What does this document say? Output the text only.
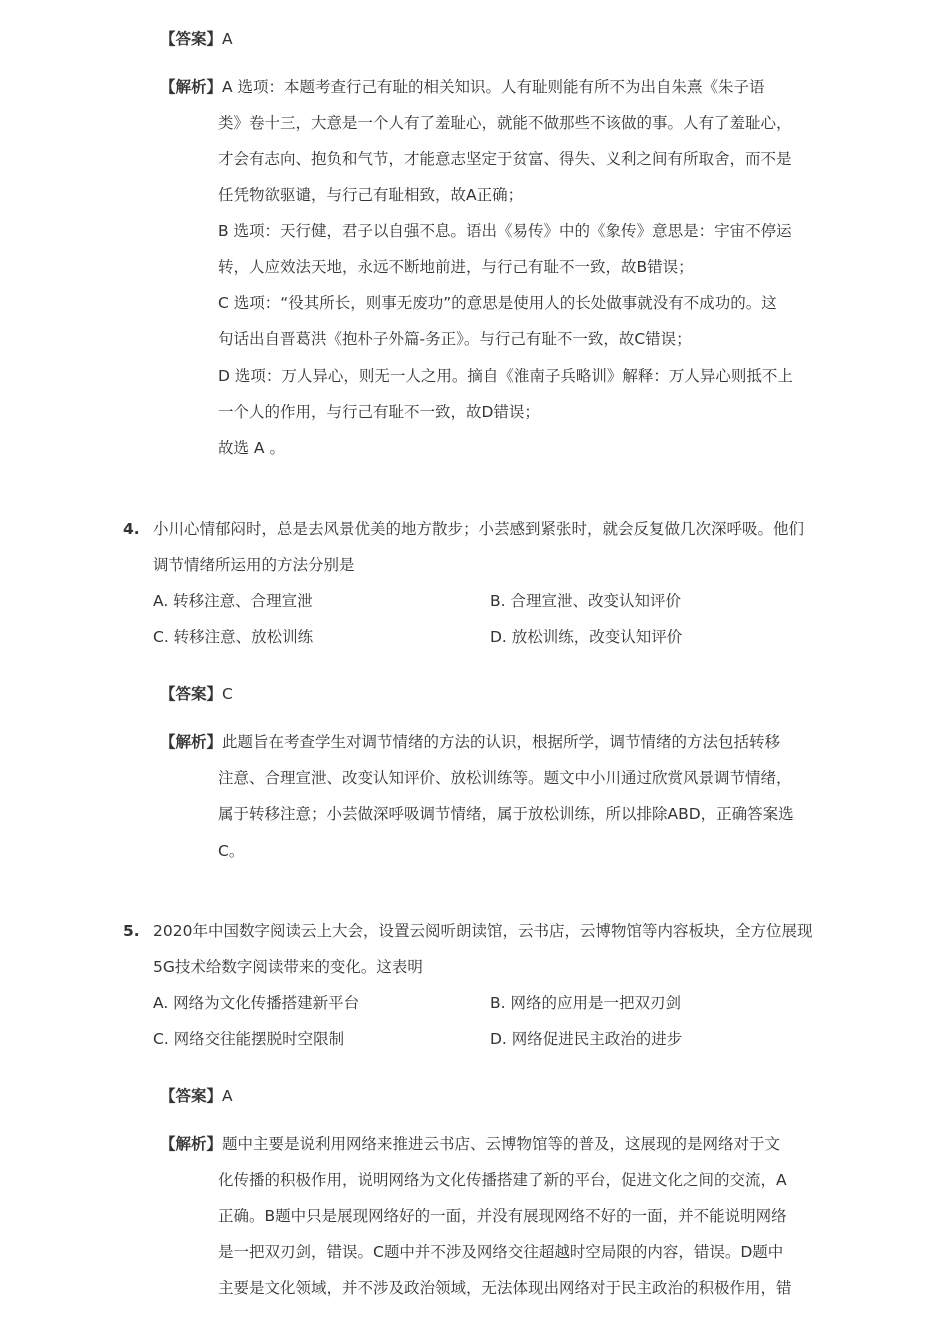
【答案】A
【解析】A 选项：本题考查行己有耻的相关知识。人有耻则能有所不为出自朱熹《朱子语
类》卷十三，大意是一个人有了羞耻心，就能不做那些不该做的事。人有了羞耻心，
才会有志向、抱负和气节，才能意志坚定于贫富、得失、义利之间有所取舍，而不是
任凭物欲驱谴，与行己有耻相致，故A正确；
B 选项：天行健，君子以自强不息。语出《易传》中的《象传》意思是：宇宙不停运
转，人应效法天地，永远不断地前进，与行己有耻不一致，故B错误；
C 选项：“役其所长，则事无废功”的意思是使用人的长处做事就没有不成功的。这
句话出自晋葛洪《抱朴子外篇-务正》。与行己有耻不一致，故C错误；
D 选项：万人异心，则无一人之用。摘自《淮南子兵略训》解释：万人异心则抵不上
一个人的作用，与行己有耻不一致，故D错误；
故选 A 。
4. 小川心情郁闷时，总是去风景优美的地方散步；小芸感到紧张时，就会反复做几次深呼吸。他们
调节情绪所运用的方法分别是
A. 转移注意、合理宣泄	B. 合理宣泄、改变认知评价
C. 转移注意、放松训练	D. 放松训练，改变认知评价
【答案】C
【解析】此题旨在考查学生对调节情绪的方法的认识，根据所学，调节情绪的方法包括转移
注意、合理宣泄、改变认知评价、放松训练等。题文中小川通过欣赏风景调节情绪，
属于转移注意；小芸做深呼吸调节情绪，属于放松训练，所以排除ABD，正确答案选
C。
5. 2020年中国数字阅读云上大会，设置云阅听朗读馆，云书店，云博物馆等内容板块，全方位展现
5G技术给数字阅读带来的变化。这表明
A. 网络为文化传播搭建新平台	B. 网络的应用是一把双刃剑
C. 网络交往能摆脱时空限制	D. 网络促进民主政治的进步
【答案】A
【解析】题中主要是说利用网络来推进云书店、云博物馆等的普及，这展现的是网络对于文
化传播的积极作用，说明网络为文化传播搭建了新的平台，促进文化之间的交流，A
正确。B题中只是展现网络好的一面，并没有展现网络不好的一面，并不能说明网络
是一把双刃剑，错误。C题中并不涉及网络交往超越时空局限的内容，错误。D题中
主要是文化领域，并不涉及政治领域，无法体现出网络对于民主政治的积极作用，错
